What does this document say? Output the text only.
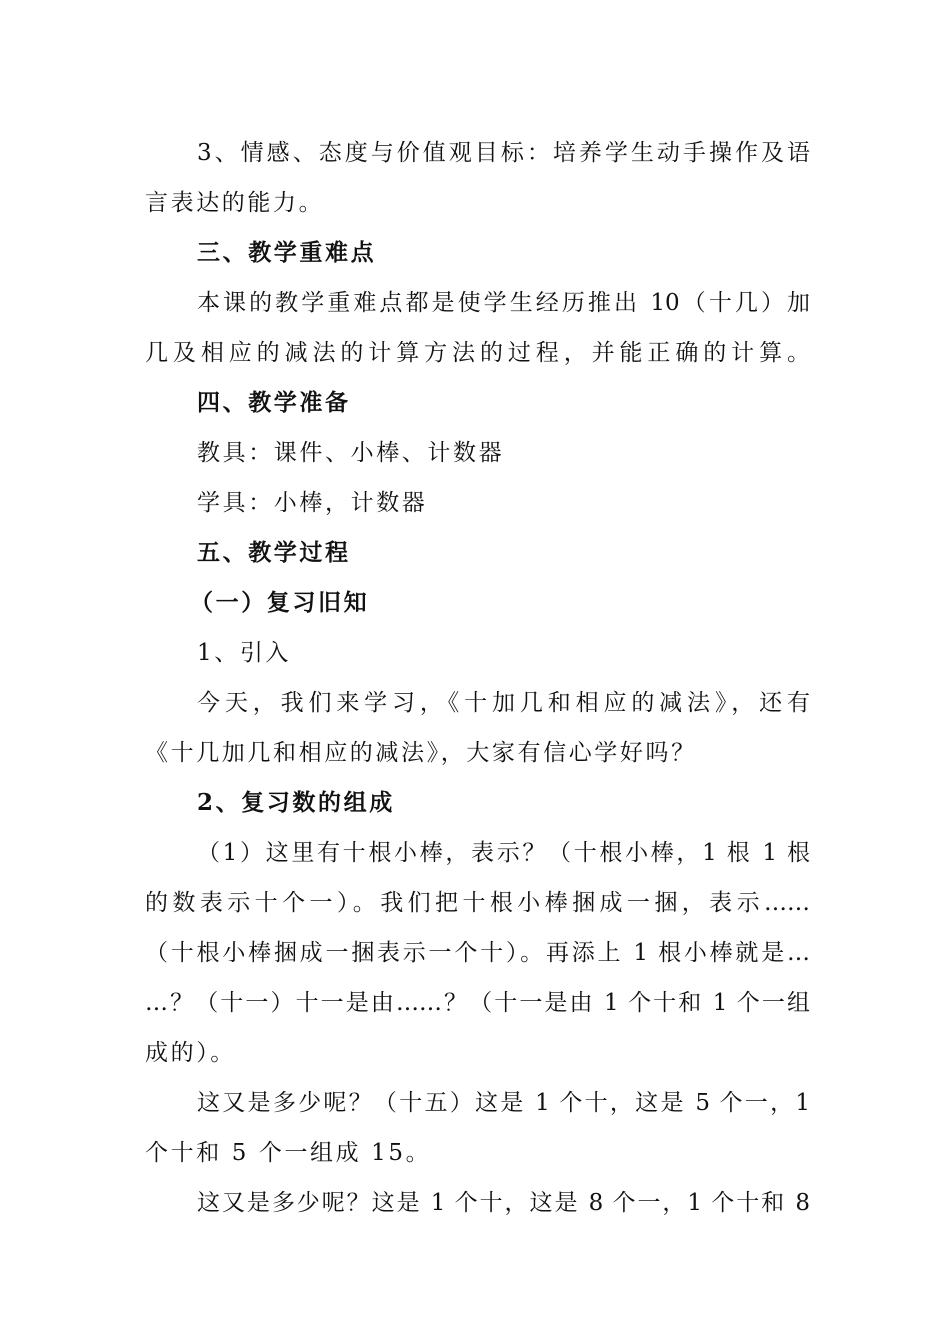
3、情感、态度与价值观目标：培养学生动手操作及语
言表达的能力。
三、教学重难点
本课的教学重难点都是使学生经历推出 10（十几）加
几及相应的减法的计算方法的过程，并能正确的计算。
四、教学准备
教具：课件、小棒、计数器
学具：小棒，计数器
五、教学过程
（一）复习旧知
1、引入
今天，我们来学习，《十加几和相应的减法》，还有
《十几加几和相应的减法》，大家有信心学好吗？
2、复习数的组成
（1）这里有十根小棒，表示？（十根小棒，1 根 1 根
的数表示十个一）。我们把十根小棒捆成一捆，表示……
（十根小棒捆成一捆表示一个十）。再添上 1 根小棒就是…
…？（十一）十一是由……？（十一是由 1 个十和 1 个一组
成的）。
这又是多少呢？（十五）这是 1 个十，这是 5 个一，1
个十和 5 个一组成 15。
这又是多少呢？这是 1 个十，这是 8 个一，1 个十和 8
